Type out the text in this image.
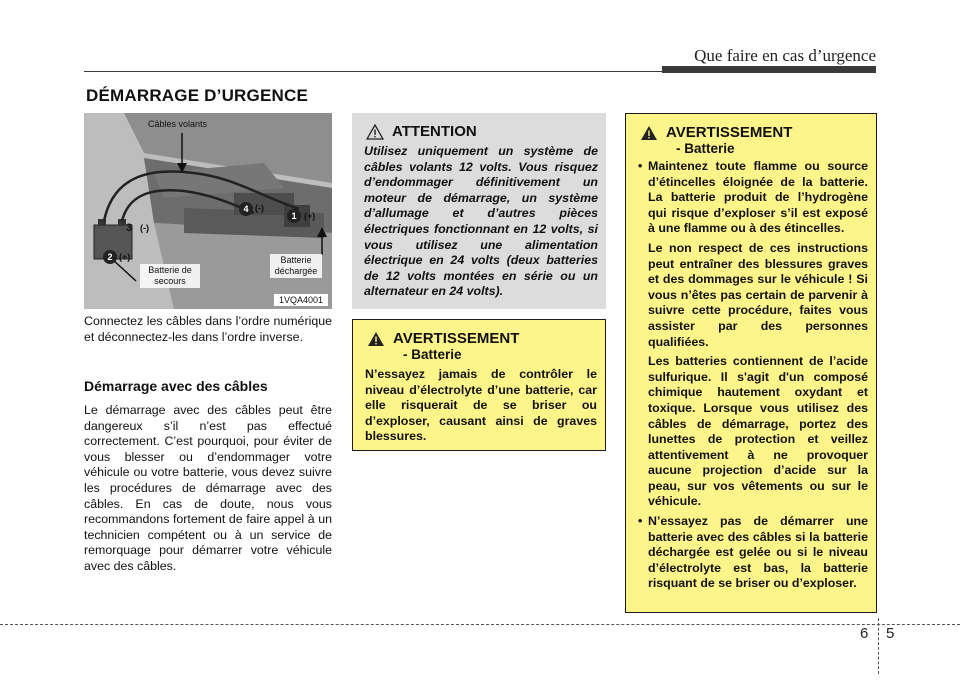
Que faire en cas d’urgence
DÉMARRAGE D’URGENCE
Câbles volants
Batterie de secours
Batterie déchargée
1VQA4001
1 (+)
2 (+)
3 (-)
4 (-)

Connectez les câbles dans l’ordre numérique et déconnectez-les dans l’ordre inverse.

Démarrage avec des câbles

Le démarrage avec des câbles peut être dangereux s’il n’est pas effectué correctement. C’est pourquoi, pour éviter de vous blesser ou d’endommager votre véhicule ou votre batterie, vous devez suivre les procédures de démarrage avec des câbles. En cas de doute, nous vous recommandons fortement de faire appel à un technicien compétent ou à un service de remorquage pour démarrer votre véhicule avec des câbles.

ATTENTION

Utilisez uniquement un système de câbles volants 12 volts. Vous risquez d’endommager définitivement un moteur de démarrage, un système d’allumage et d’autres pièces électriques fonctionnant en 12 volts, si vous utilisez une alimentation électrique en 24 volts (deux batteries de 12 volts montées en série ou un alternateur en 24 volts).

AVERTISSEMENT
- Batterie

N’essayez jamais de contrôler le niveau d’électrolyte d’une batterie, car elle risquerait de se briser ou d’exploser, causant ainsi de graves blessures.

AVERTISSEMENT
- Batterie

• Maintenez toute flamme ou source d’étincelles éloignée de la batterie. La batterie produit de l’hydrogène qui risque d’exploser s’il est exposé à une flamme ou à des étincelles.

Le non respect de ces instructions peut entraîner des blessures graves et des dommages sur le véhicule ! Si vous n’êtes pas certain de parvenir à suivre cette procédure, faites vous assister par des personnes qualifiées.

Les batteries contiennent de l’acide sulfurique. Il s'agit d'un composé chimique hautement oxydant et toxique. Lorsque vous utilisez des câbles de démarrage, portez des lunettes de protection et veillez attentivement à ne provoquer aucune projection d’acide sur la peau, sur vos vêtements ou sur le véhicule.

• N’essayez pas de démarrer une batterie avec des câbles si la batterie déchargée est gelée ou si le niveau d’électrolyte est bas, la batterie risquant de se briser ou d’exploser.

6 5
